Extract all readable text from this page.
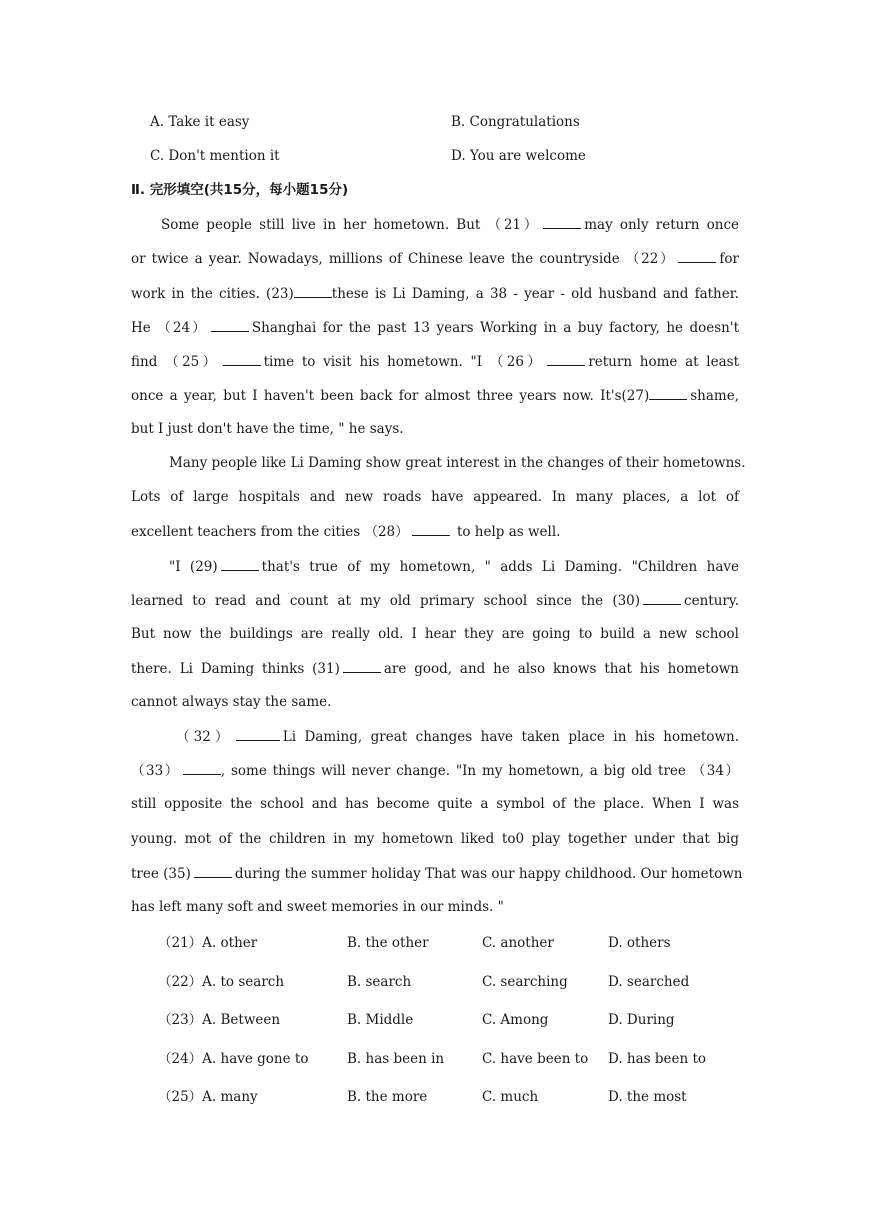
A. Take it easy	B. Congratulations
C. Don't mention it	D. You are welcome
Ⅱ. 完形填空(共15分，每小题15分)
Some people still live in her hometown. But （21）	may only return once
or twice a year. Nowadays, millions of Chinese leave the countryside （22）	for
work in the cities. (23)	these is Li Daming, a 38 - year - old husband and father.
He （24）	Shanghai for the past 13 years Working in a buy factory, he doesn't
find （25）	time to visit his hometown. "I （26）	return home at least
once a year, but I haven't been back for almost three years now. It's(27)	shame,
but I just don't have the time, " he says.
Many people like Li Daming show great interest in the changes of their hometowns.
Lots of large hospitals and new roads have appeared. In many places, a lot of
excellent teachers from the cities （28）	to help as well.
"I (29)	that's true of my hometown, " adds Li Daming. "Children have
learned to read and count at my old primary school since the (30)	century.
But now the buildings are really old. I hear they are going to build a new school
there. Li Daming thinks (31)	are good, and he also knows that his hometown
cannot always stay the same.
（32）	Li Daming, great changes have taken place in his hometown.
（33）	, some things will never change. "In my hometown, a big old tree （34）
still opposite the school and has become quite a symbol of the place. When I was
young. mot of the children in my hometown liked to0 play together under that big
tree (35)	during the summer holiday That was our happy childhood. Our hometown
has left many soft and sweet memories in our minds. "
（21）A. other	B. the other	C. another	D. others
（22）A. to search	B. search	C. searching	D. searched
（23）A. Between	B. Middle	C. Among	D. During
（24）A. have gone to	B. has been in	C. have been to D. has been to
（25）A. many	B. the more	C. much	D. the most
